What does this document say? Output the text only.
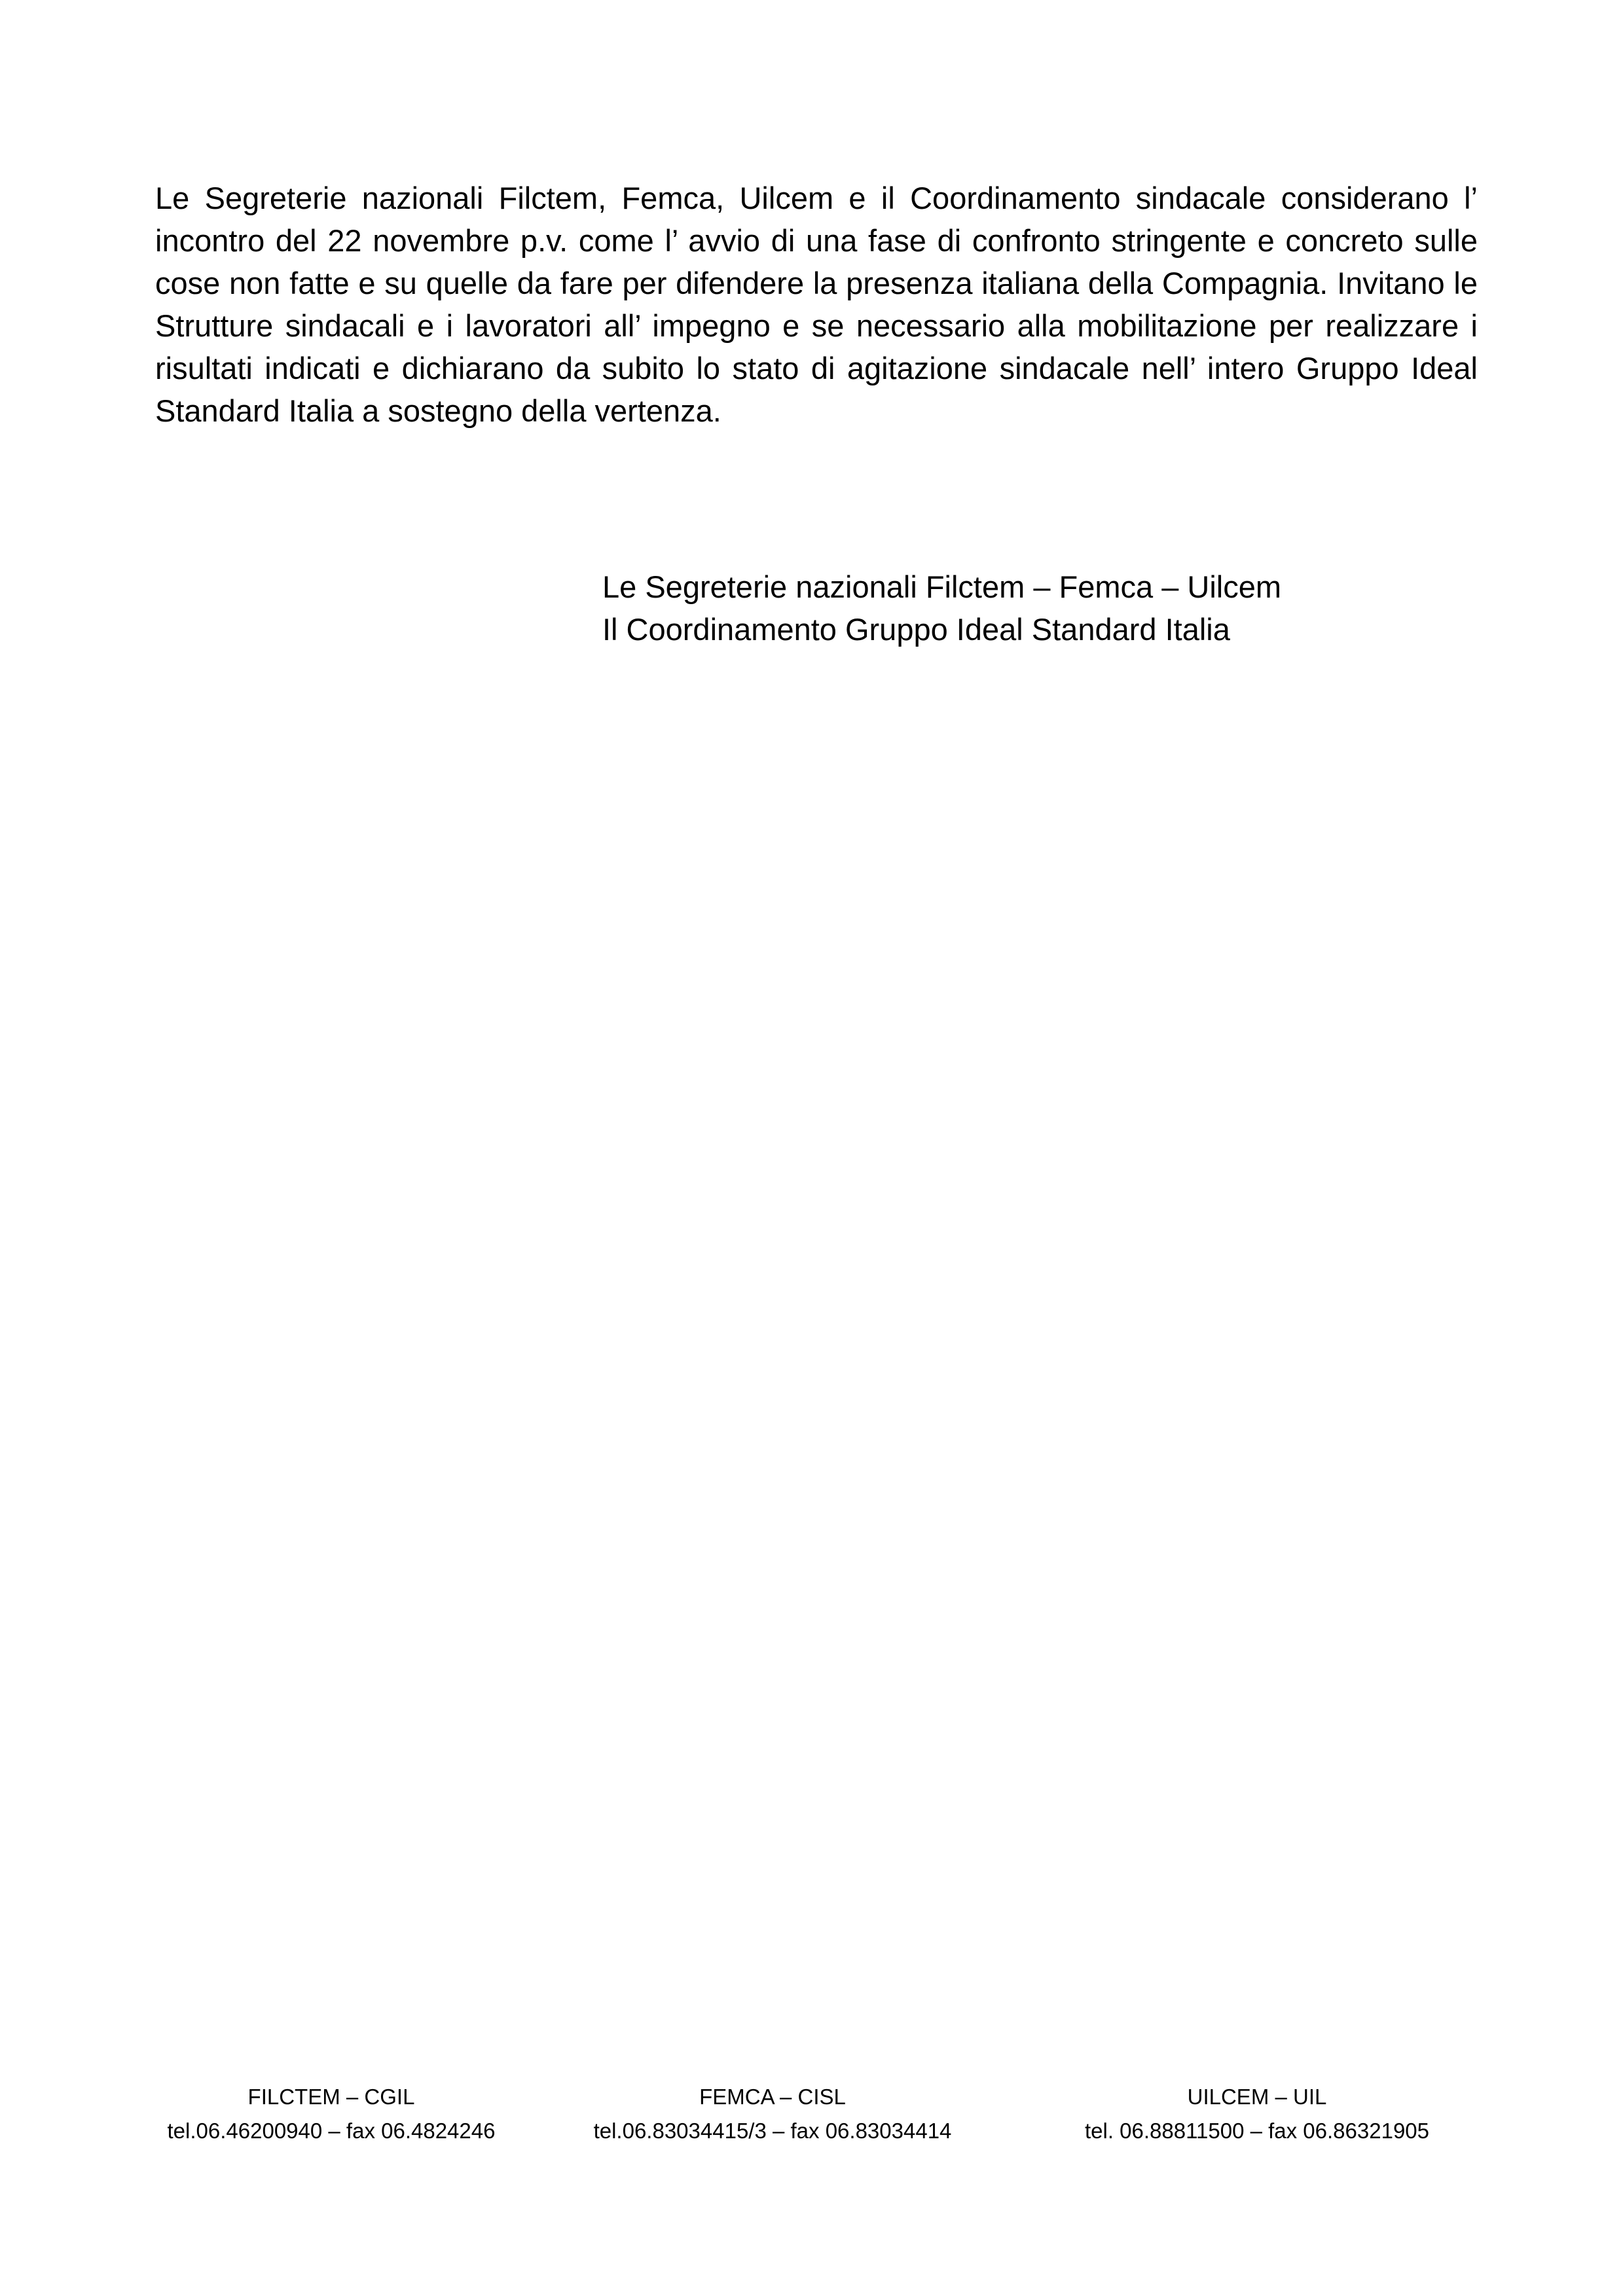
Le Segreterie nazionali Filctem, Femca, Uilcem e il Coordinamento sindacale considerano l’ incontro del 22 novembre p.v. come l’ avvio di una fase di confronto stringente e concreto sulle cose non fatte e su quelle da fare per difendere la presenza italiana della Compagnia. Invitano le Strutture sindacali e i lavoratori all’ impegno e se necessario alla mobilitazione per realizzare i risultati indicati e dichiarano da subito lo stato di agitazione sindacale nell’ intero Gruppo Ideal Standard Italia a sostegno della vertenza.

Le Segreterie nazionali Filctem – Femca – Uilcem
Il Coordinamento Gruppo Ideal Standard Italia
FILCTEM – CGIL
tel.06.46200940 – fax 06.4824246
FEMCA – CISL
tel.06.83034415/3 – fax 06.83034414
UILCEM – UIL
tel. 06.88811500 – fax 06.86321905
